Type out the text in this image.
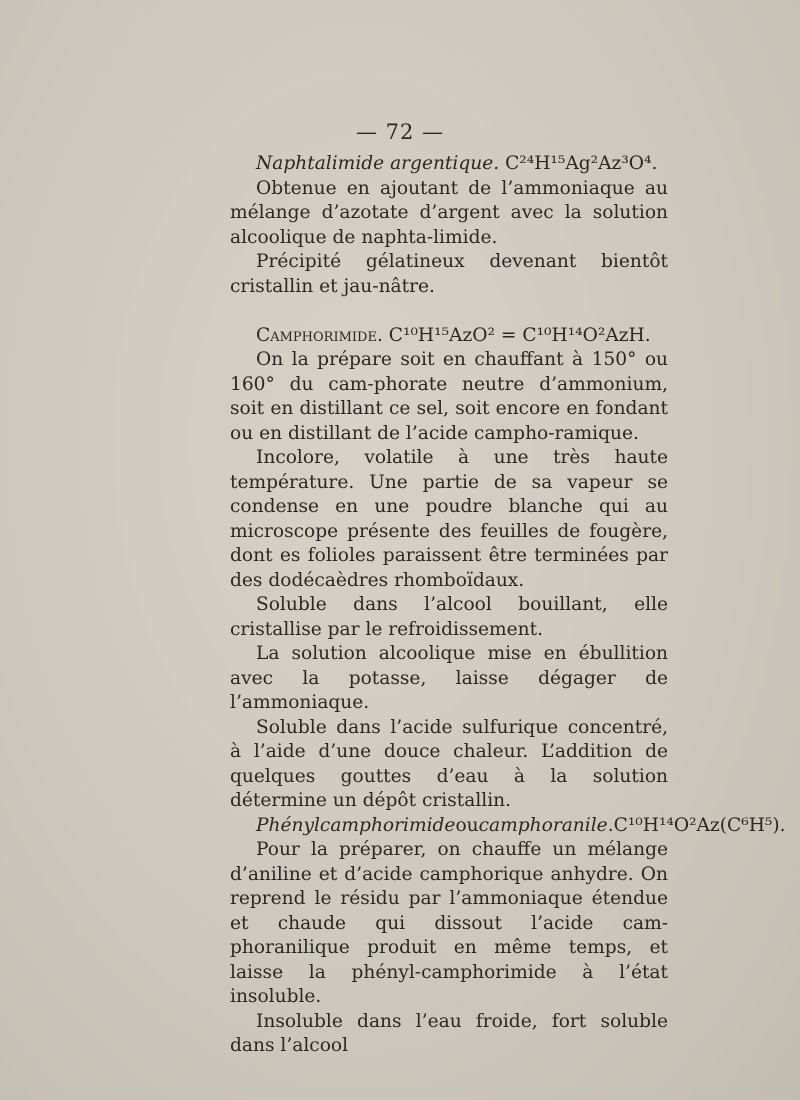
— 72 —

Naphtalimide argentique. C²⁴H¹⁵Ag²Az³O⁴.

Obtenue en ajoutant de l’ammoniaque au mélange d’azotate d’argent avec la solution alcoolique de naphta-limide.

Précipité gélatineux devenant bientôt cristallin et jau-nâtre.

Camphorimide. C¹⁰H¹⁵AzO² = C¹⁰H¹⁴O²AzH.

On la prépare soit en chauffant à 150° ou 160° du cam-phorate neutre d’ammonium, soit en distillant ce sel, soit encore en fondant ou en distillant de l’acide campho-ramique.

Incolore, volatile à une très haute température. Une partie de sa vapeur se condense en une poudre blanche qui au microscope présente des feuilles de fougère, dont es folioles paraissent être terminées par des dodécaèdres rhomboïdaux.

Soluble dans l’alcool bouillant, elle cristallise par le refroidissement.

La solution alcoolique mise en ébullition avec la potasse, laisse dégager de l’ammoniaque.

Soluble dans l’acide sulfurique concentré, à l’aide d’une douce chaleur. L’addition de quelques gouttes d’eau à la solution détermine un dépôt cristallin.

Phénylcamphorimideoucamphoranile.C¹⁰H¹⁴O²Az(C⁶H⁵).

Pour la préparer, on chauffe un mélange d’aniline et d’acide camphorique anhydre. On reprend le résidu par l’ammoniaque étendue et chaude qui dissout l’acide cam-phoranilique produit en même temps, et laisse la phényl-camphorimide à l’état insoluble.

Insoluble dans l’eau froide, fort soluble dans l’alcool
